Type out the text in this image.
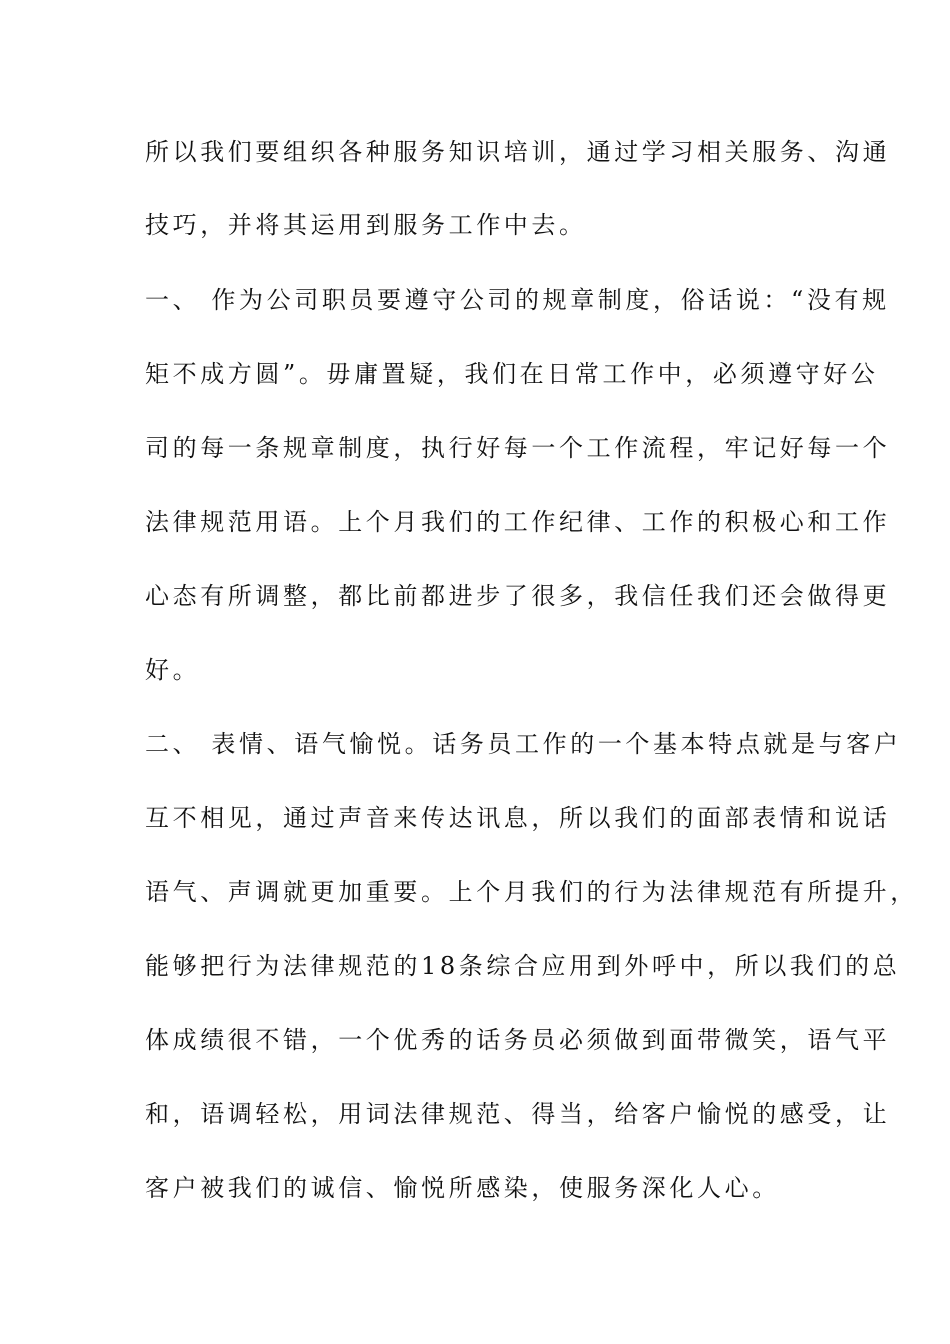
所以我们要组织各种服务知识培训，通过学习相关服务、沟通
技巧，并将其运用到服务工作中去。
一、 作为公司职员要遵守公司的规章制度，俗话说：“没有规
矩不成方圆”。毋庸置疑，我们在日常工作中，必须遵守好公
司的每一条规章制度，执行好每一个工作流程，牢记好每一个
法律规范用语。上个月我们的工作纪律、工作的积极心和工作
心态有所调整，都比前都进步了很多，我信任我们还会做得更
好。
二、 表情、语气愉悦。话务员工作的一个基本特点就是与客户
互不相见，通过声音来传达讯息，所以我们的面部表情和说话
语气、声调就更加重要。上个月我们的行为法律规范有所提升，
能够把行为法律规范的18条综合应用到外呼中，所以我们的总
体成绩很不错，一个优秀的话务员必须做到面带微笑，语气平
和，语调轻松，用词法律规范、得当，给客户愉悦的感受，让
客户被我们的诚信、愉悦所感染，使服务深化人心。
